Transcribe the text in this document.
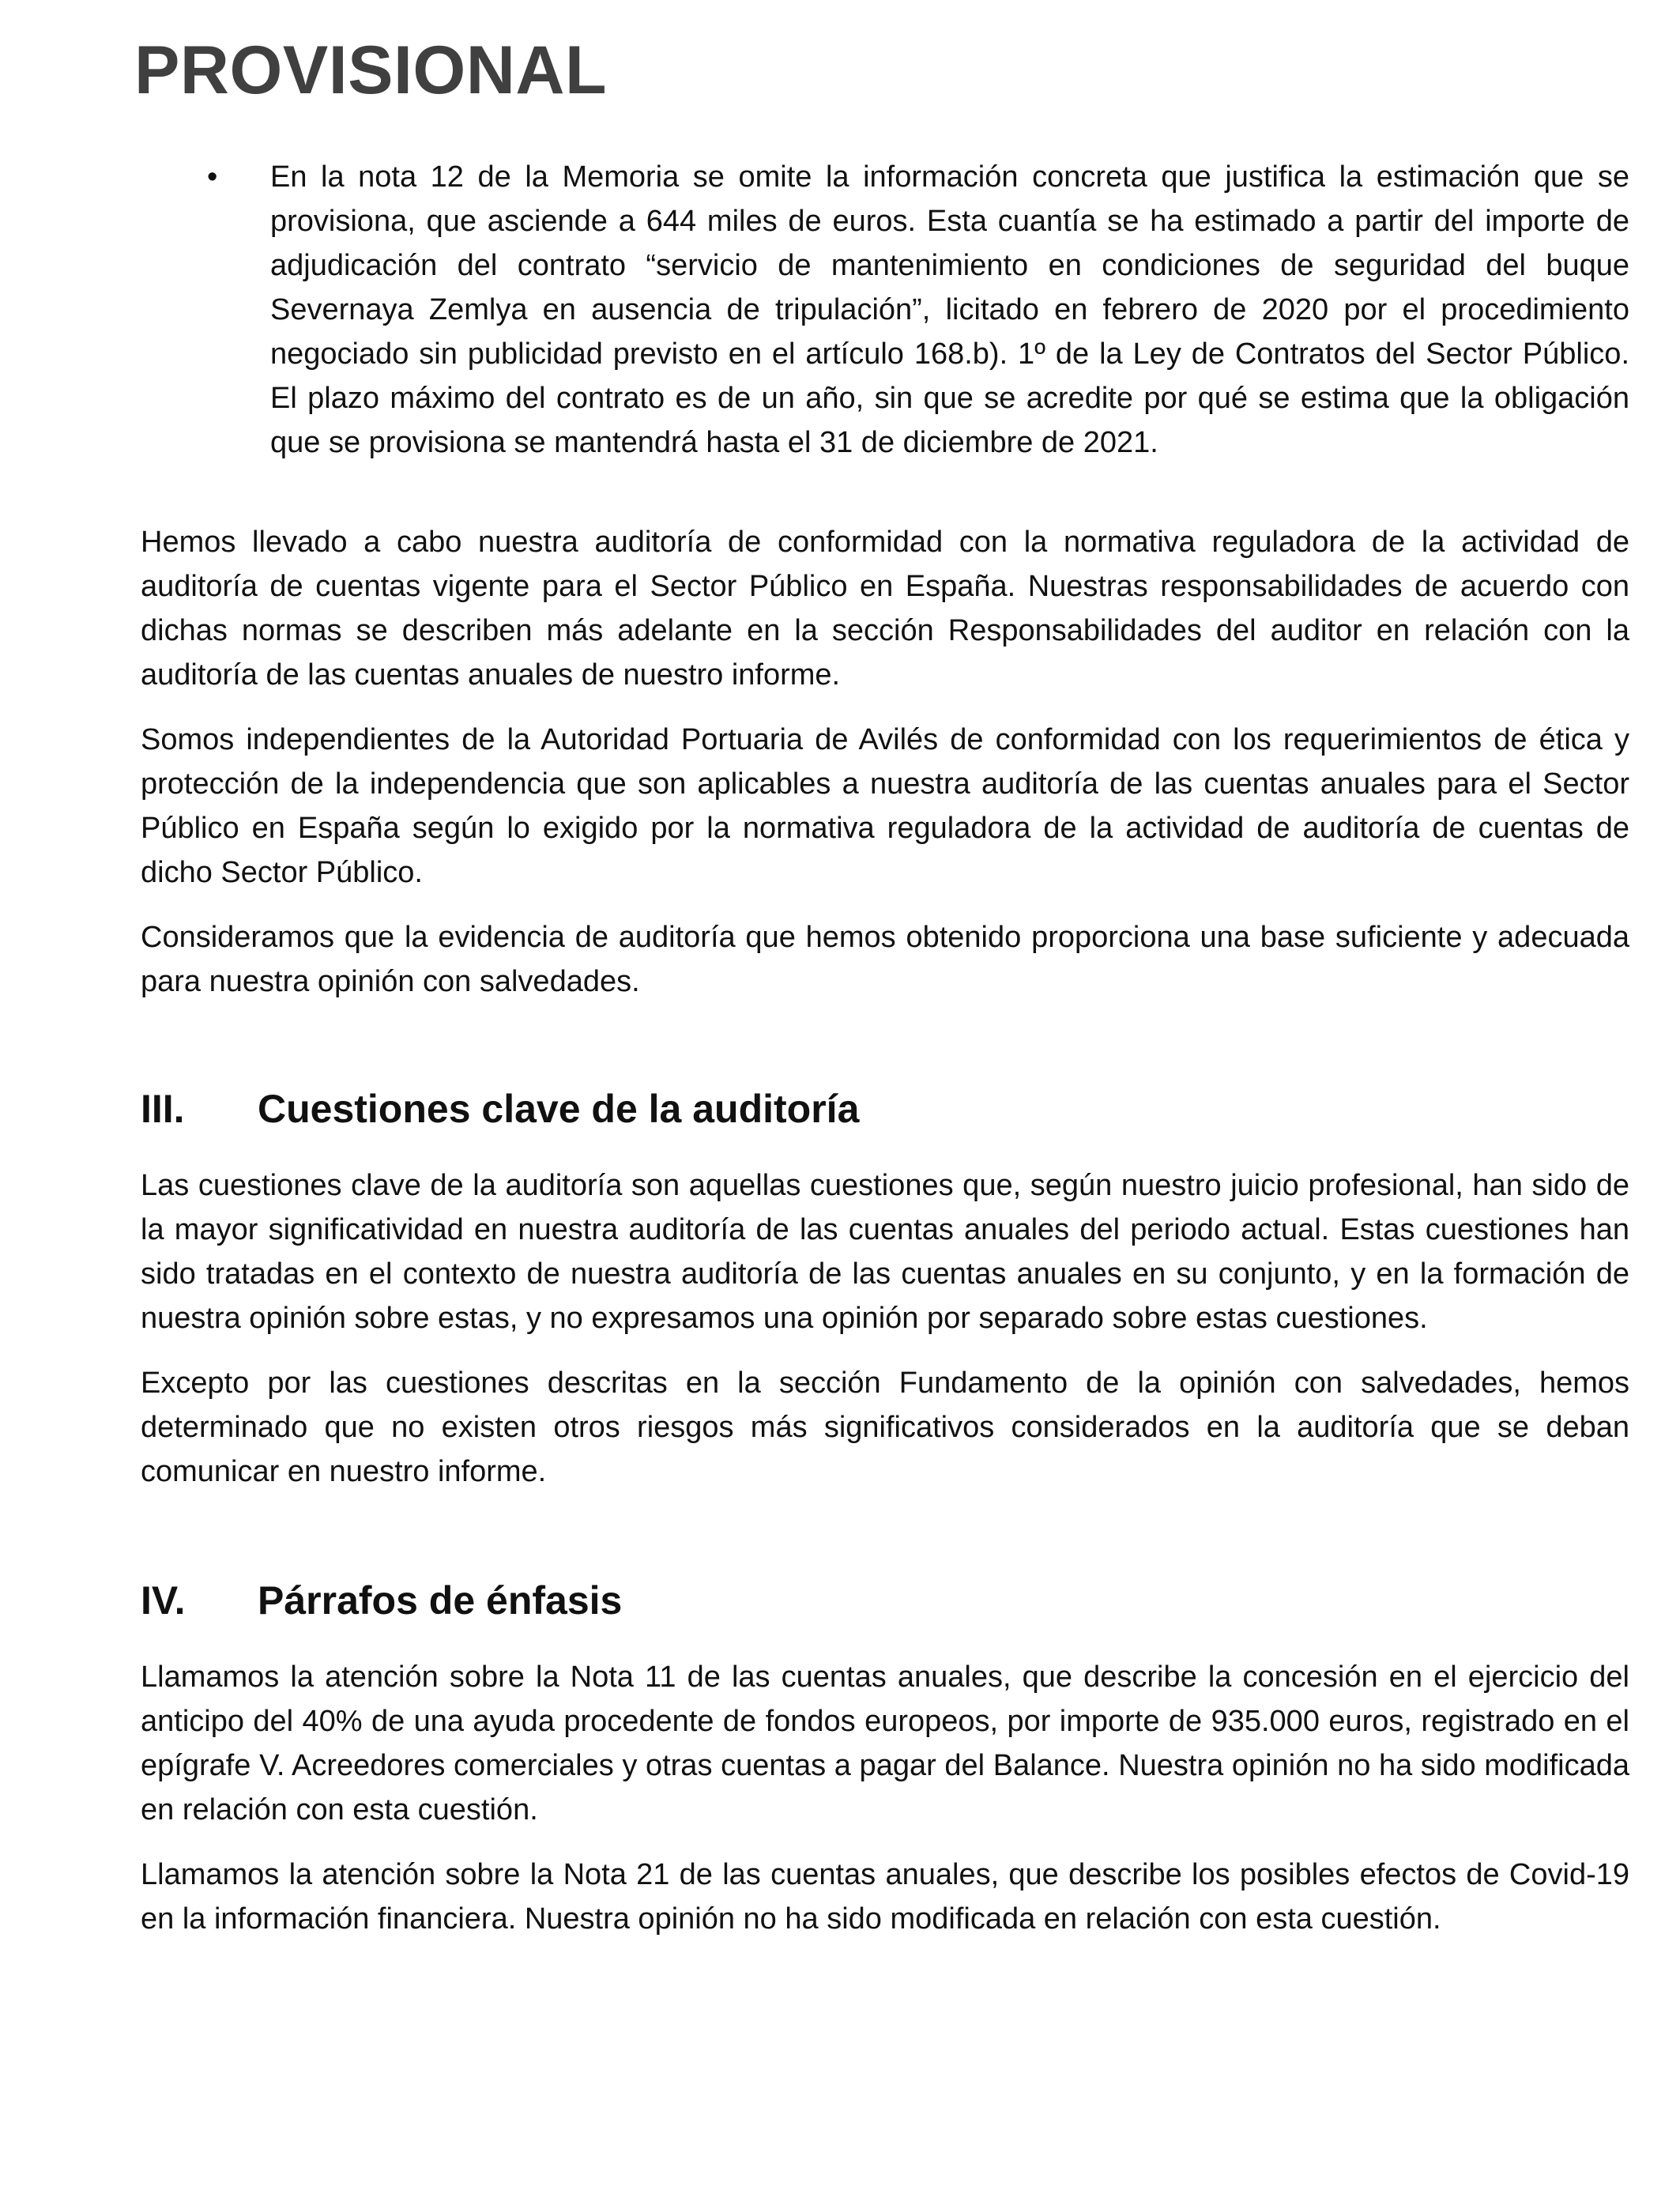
PROVISIONAL
• En la nota 12 de la Memoria se omite la información concreta que justifica la estimación que se provisiona, que asciende a 644 miles de euros. Esta cuantía se ha estimado a partir del importe de adjudicación del contrato “servicio de mantenimiento en condiciones de seguridad del buque Severnaya Zemlya en ausencia de tripulación”, licitado en febrero de 2020 por el procedimiento negociado sin publicidad previsto en el artículo 168.b). 1º de la Ley de Contratos del Sector Público. El plazo máximo del contrato es de un año, sin que se acredite por qué se estima que la obligación que se provisiona se mantendrá hasta el 31 de diciembre de 2021.

Hemos llevado a cabo nuestra auditoría de conformidad con la normativa reguladora de la actividad de auditoría de cuentas vigente para el Sector Público en España. Nuestras responsabilidades de acuerdo con dichas normas se describen más adelante en la sección Responsabilidades del auditor en relación con la auditoría de las cuentas anuales de nuestro informe.

Somos independientes de la Autoridad Portuaria de Avilés de conformidad con los requerimientos de ética y protección de la independencia que son aplicables a nuestra auditoría de las cuentas anuales para el Sector Público en España según lo exigido por la normativa reguladora de la actividad de auditoría de cuentas de dicho Sector Público.

Consideramos que la evidencia de auditoría que hemos obtenido proporciona una base suficiente y adecuada para nuestra opinión con salvedades.

III.	Cuestiones clave de la auditoría

Las cuestiones clave de la auditoría son aquellas cuestiones que, según nuestro juicio profesional, han sido de la mayor significatividad en nuestra auditoría de las cuentas anuales del periodo actual. Estas cuestiones han sido tratadas en el contexto de nuestra auditoría de las cuentas anuales en su conjunto, y en la formación de nuestra opinión sobre estas, y no expresamos una opinión por separado sobre estas cuestiones.

Excepto por las cuestiones descritas en la sección Fundamento de la opinión con salvedades, hemos determinado que no existen otros riesgos más significativos considerados en la auditoría que se deban comunicar en nuestro informe.

IV.	Párrafos de énfasis

Llamamos la atención sobre la Nota 11 de las cuentas anuales, que describe la concesión en el ejercicio del anticipo del 40% de una ayuda procedente de fondos europeos, por importe de 935.000 euros, registrado en el epígrafe V. Acreedores comerciales y otras cuentas a pagar del Balance. Nuestra opinión no ha sido modificada en relación con esta cuestión.

Llamamos la atención sobre la Nota 21 de las cuentas anuales, que describe los posibles efectos de Covid-19 en la información financiera. Nuestra opinión no ha sido modificada en relación con esta cuestión.
